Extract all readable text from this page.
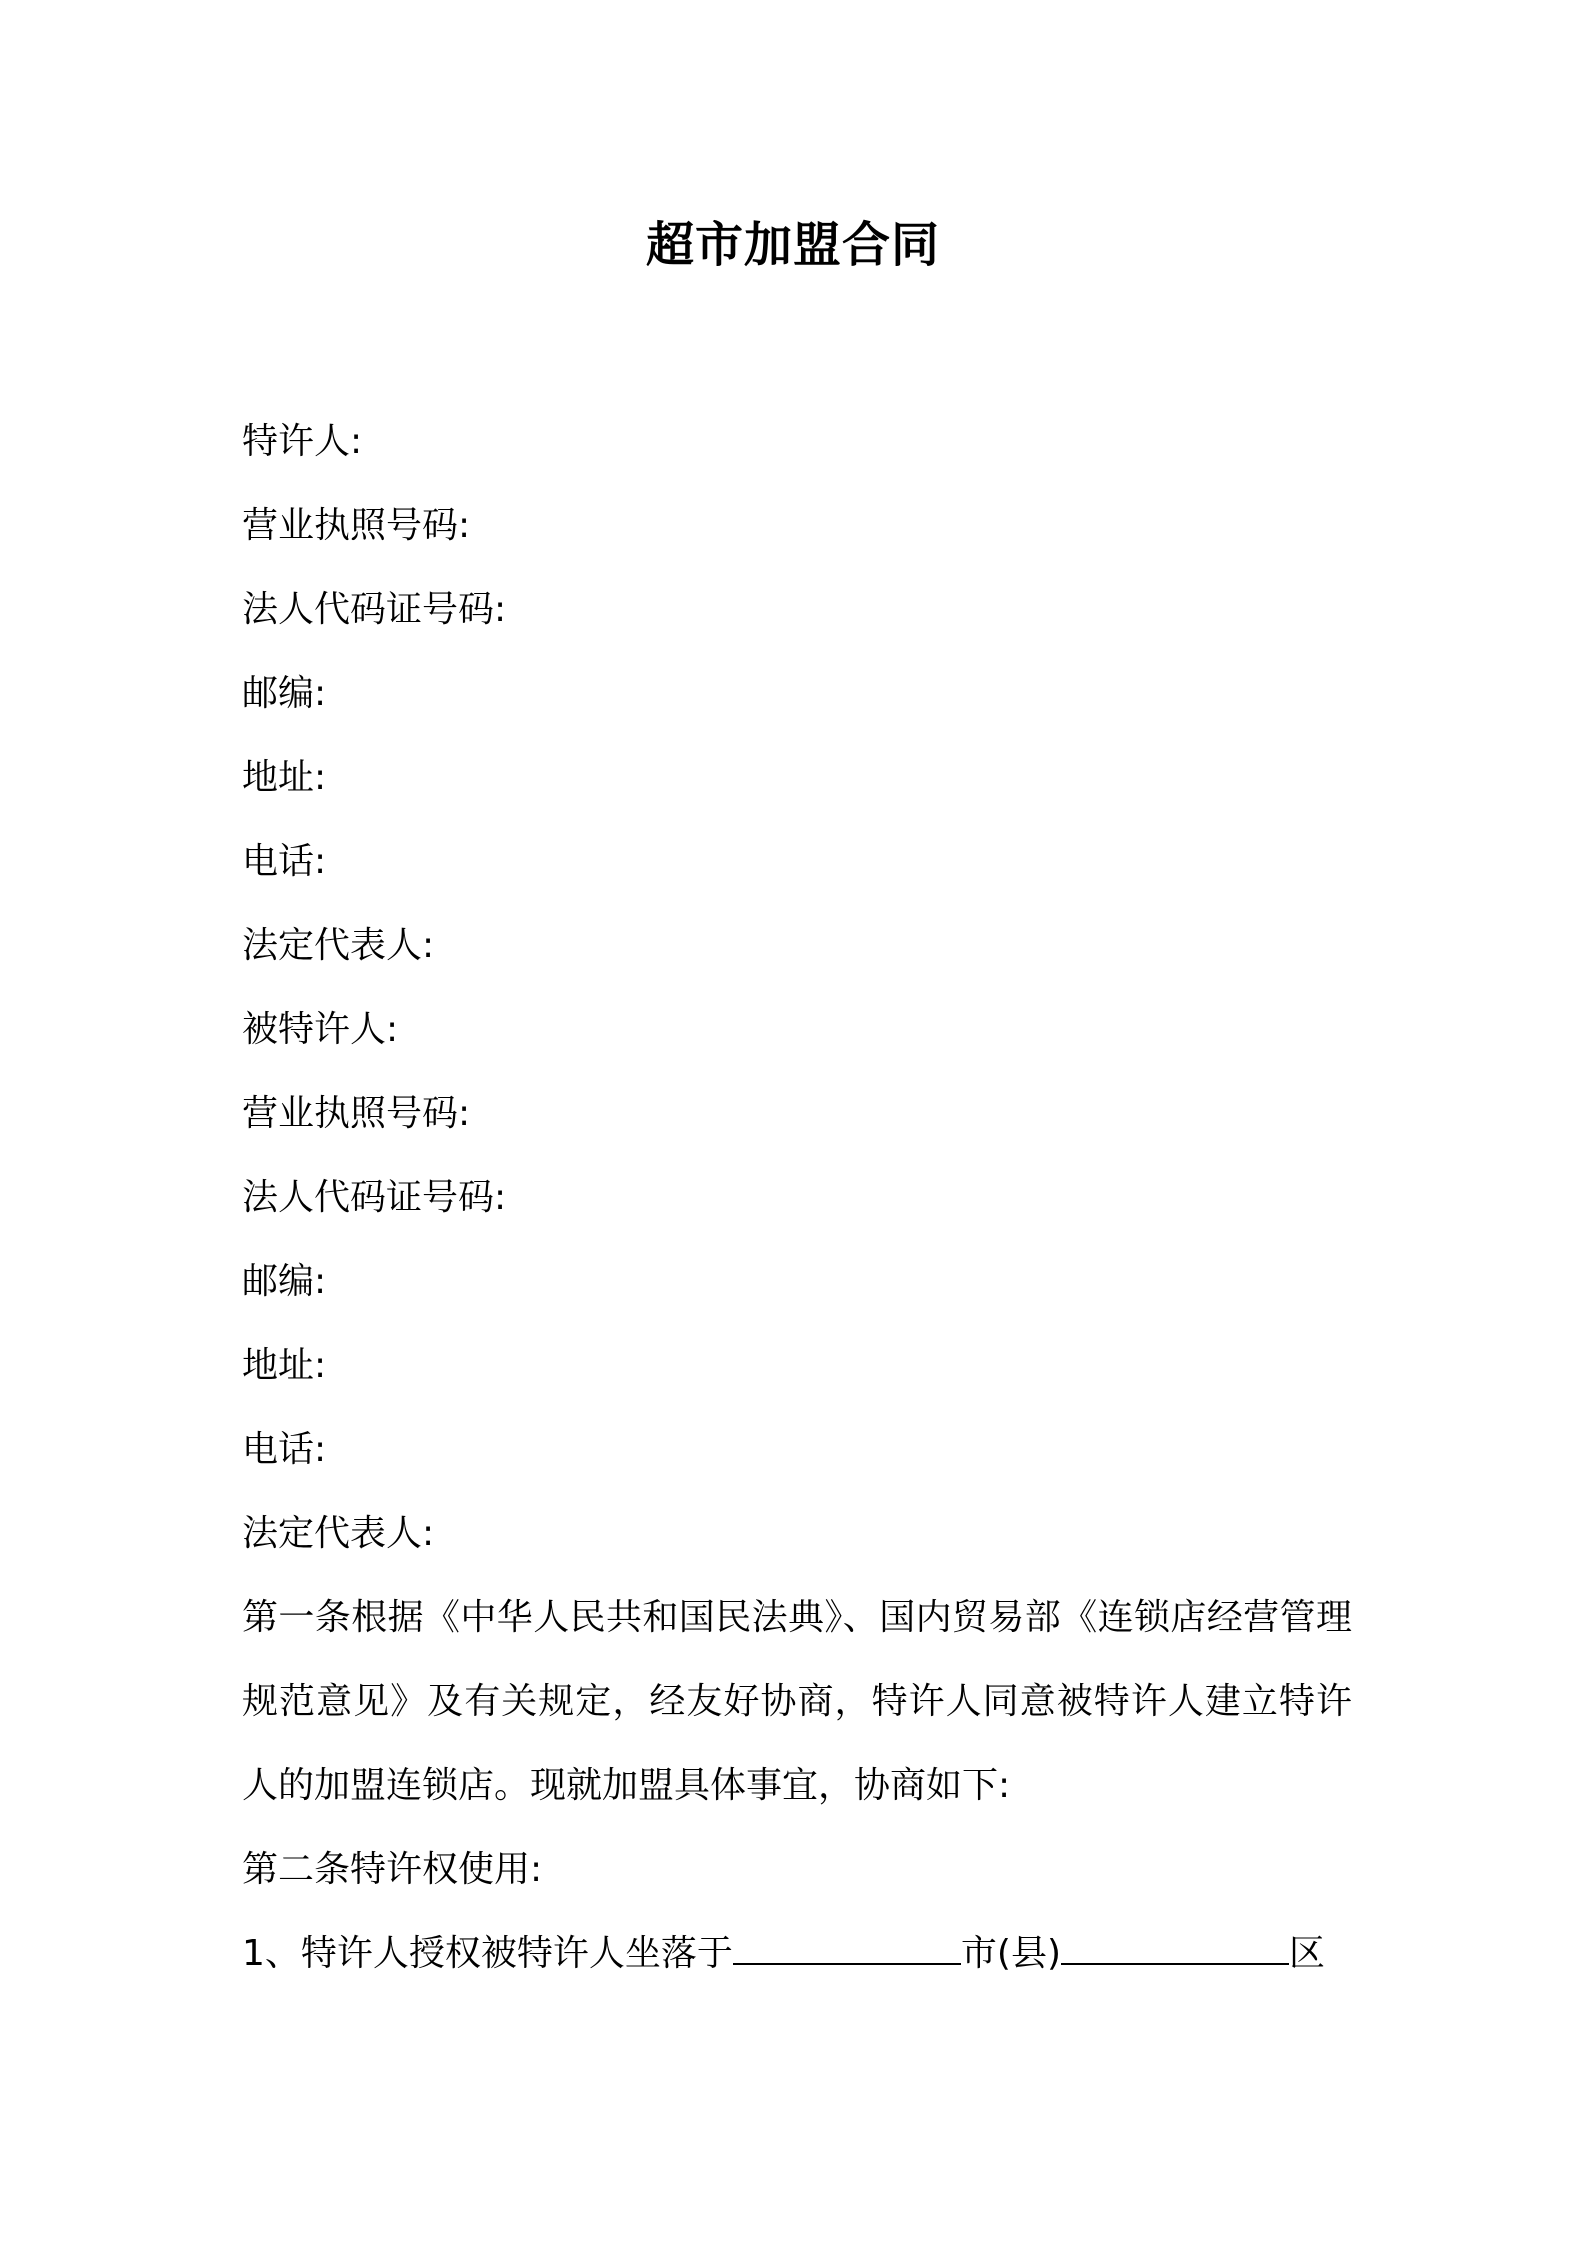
超市加盟合同
特许人:
营业执照号码:
法人代码证号码:
邮编:
地址:
电话:
法定代表人:
被特许人:
营业执照号码:
法人代码证号码:
邮编:
地址:
电话:
法定代表人:
第一条根据《中华人民共和国民法典》、国内贸易部《连锁店经营管理规范意见》及有关规定，经友好协商，特许人同意被特许人建立特许人的加盟连锁店。现就加盟具体事宜，协商如下:
第二条特许权使用:
1、特许人授权被特许人坐落于	市(县)	区
